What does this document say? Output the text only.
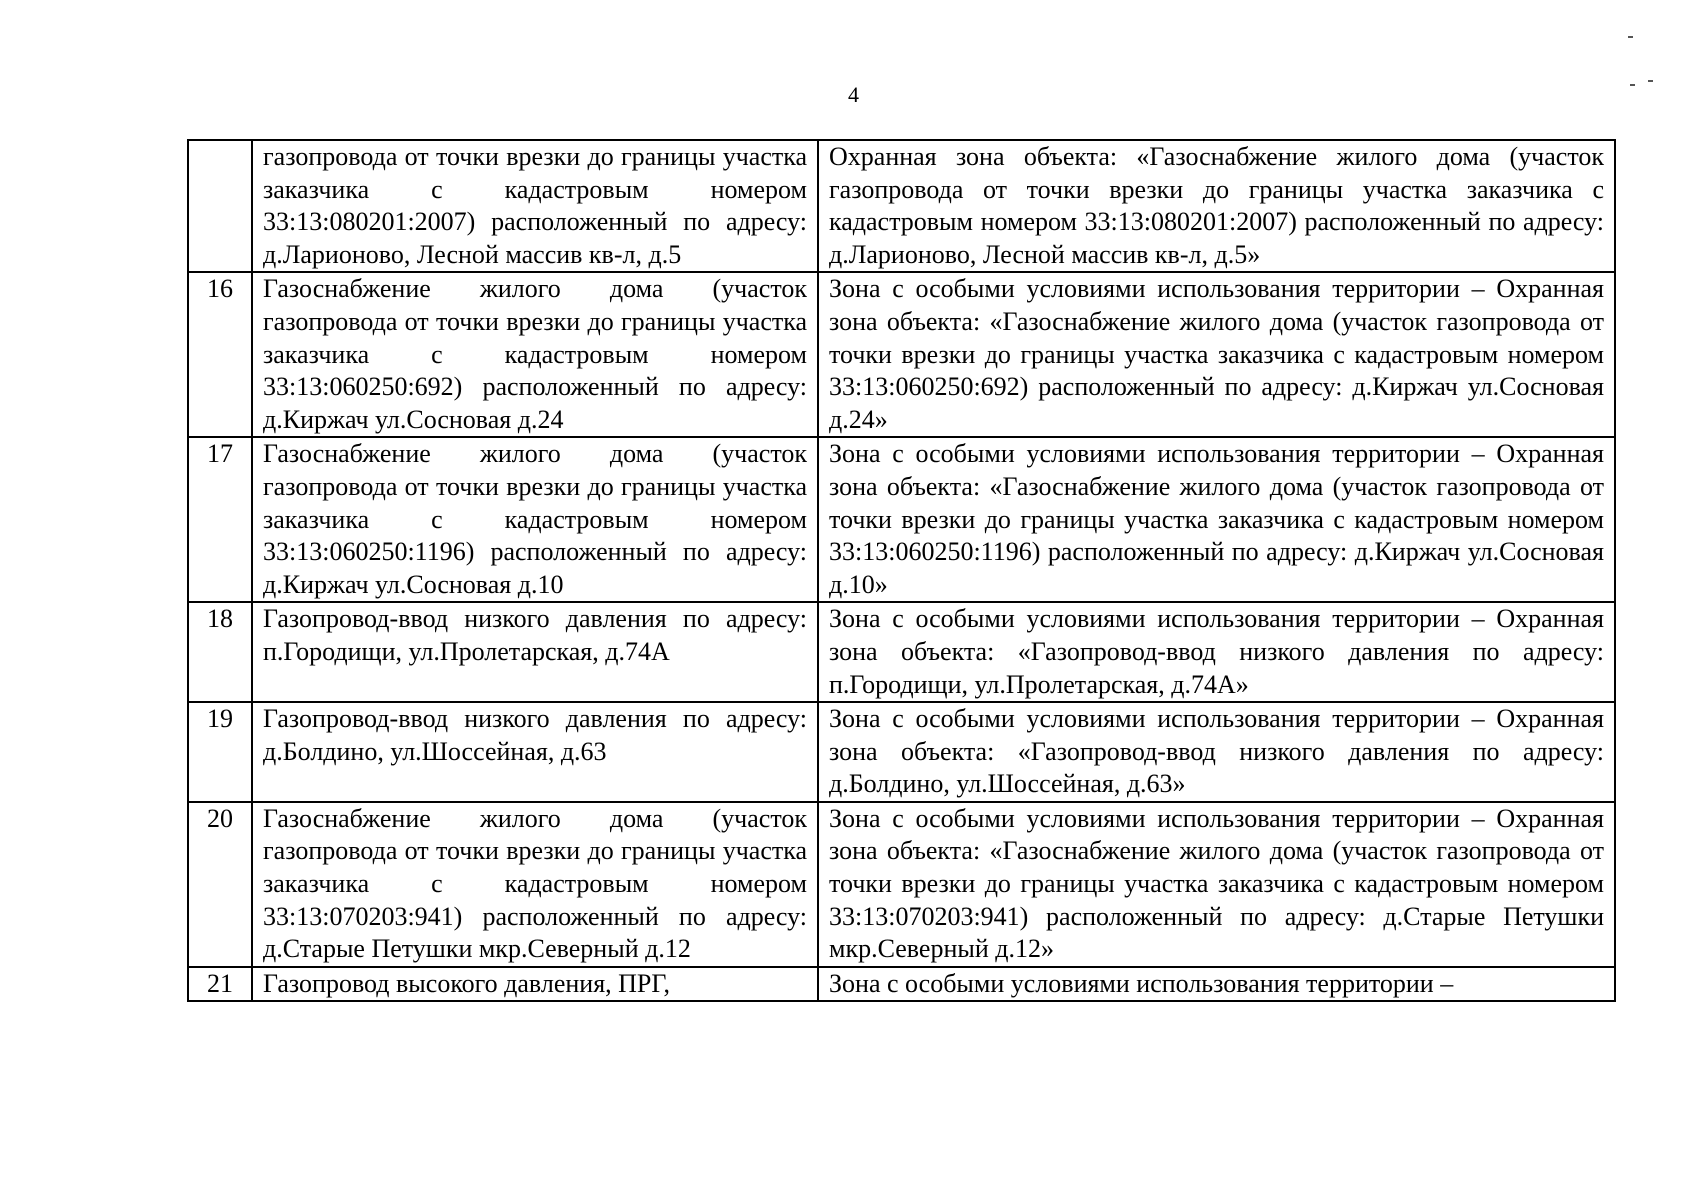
4
	газопровода от точки врезки до границы участка заказчика с кадастровым номером 33:13:080201:2007) расположенный по адресу: д.Ларионово, Лесной массив кв-л, д.5	Охранная зона объекта: «Газоснабжение жилого дома (участок газопровода от точки врезки до границы участка заказчика с кадастровым номером 33:13:080201:2007) расположенный по адресу: д.Ларионово, Лесной массив кв-л, д.5»
16	Газоснабжение жилого дома (участок газопровода от точки врезки до границы участка заказчика с кадастровым номером 33:13:060250:692) расположенный по адресу: д.Киржач ул.Сосновая д.24	Зона с особыми условиями использования территории – Охранная зона объекта: «Газоснабжение жилого дома (участок газопровода от точки врезки до границы участка заказчика с кадастровым номером 33:13:060250:692) расположенный по адресу: д.Киржач ул.Сосновая д.24»
17	Газоснабжение жилого дома (участок газопровода от точки врезки до границы участка заказчика с кадастровым номером 33:13:060250:1196) расположенный по адресу: д.Киржач ул.Сосновая д.10	Зона с особыми условиями использования территории – Охранная зона объекта: «Газоснабжение жилого дома (участок газопровода от точки врезки до границы участка заказчика с кадастровым номером 33:13:060250:1196) расположенный по адресу: д.Киржач ул.Сосновая д.10»
18	Газопровод-ввод низкого давления по адресу: п.Городищи, ул.Пролетарская, д.74А	Зона с особыми условиями использования территории – Охранная зона объекта: «Газопровод-ввод низкого давления по адресу: п.Городищи, ул.Пролетарская, д.74А»
19	Газопровод-ввод низкого давления по адресу: д.Болдино, ул.Шоссейная, д.63	Зона с особыми условиями использования территории – Охранная зона объекта: «Газопровод-ввод низкого давления по адресу: д.Болдино, ул.Шоссейная, д.63»
20	Газоснабжение жилого дома (участок газопровода от точки врезки до границы участка заказчика с кадастровым номером 33:13:070203:941) расположенный по адресу: д.Старые Петушки мкр.Северный д.12	Зона с особыми условиями использования территории – Охранная зона объекта: «Газоснабжение жилого дома (участок газопровода от точки врезки до границы участка заказчика с кадастровым номером 33:13:070203:941) расположенный по адресу: д.Старые Петушки мкр.Северный д.12»
21	Газопровод высокого давления, ПРГ,	Зона с особыми условиями использования территории –
